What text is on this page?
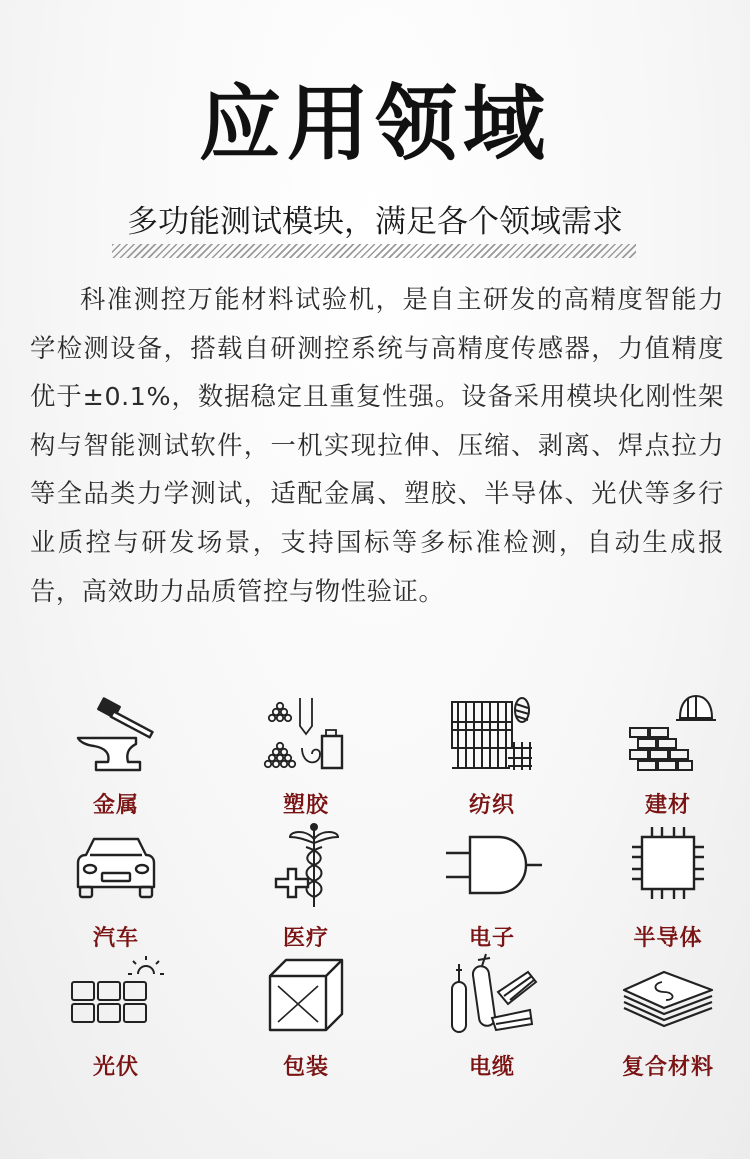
应用领域
多功能测试模块，满足各个领域需求

科准测控万能材料试验机，是自主研发的高精度智能力学检测设备，搭载自研测控系统与高精度传感器，力值精度优于±0.1%，数据稳定且重复性强。设备采用模块化刚性架构与智能测试软件，一机实现拉伸、压缩、剥离、焊点拉力等全品类力学测试，适配金属、塑胶、半导体、光伏等多行业质控与研发场景，支持国标等多标准检测，自动生成报告，高效助力品质管控与物性验证。

金属	塑胶	纺织	建材
汽车	医疗	电子	半导体
光伏	包装	电缆	复合材料
